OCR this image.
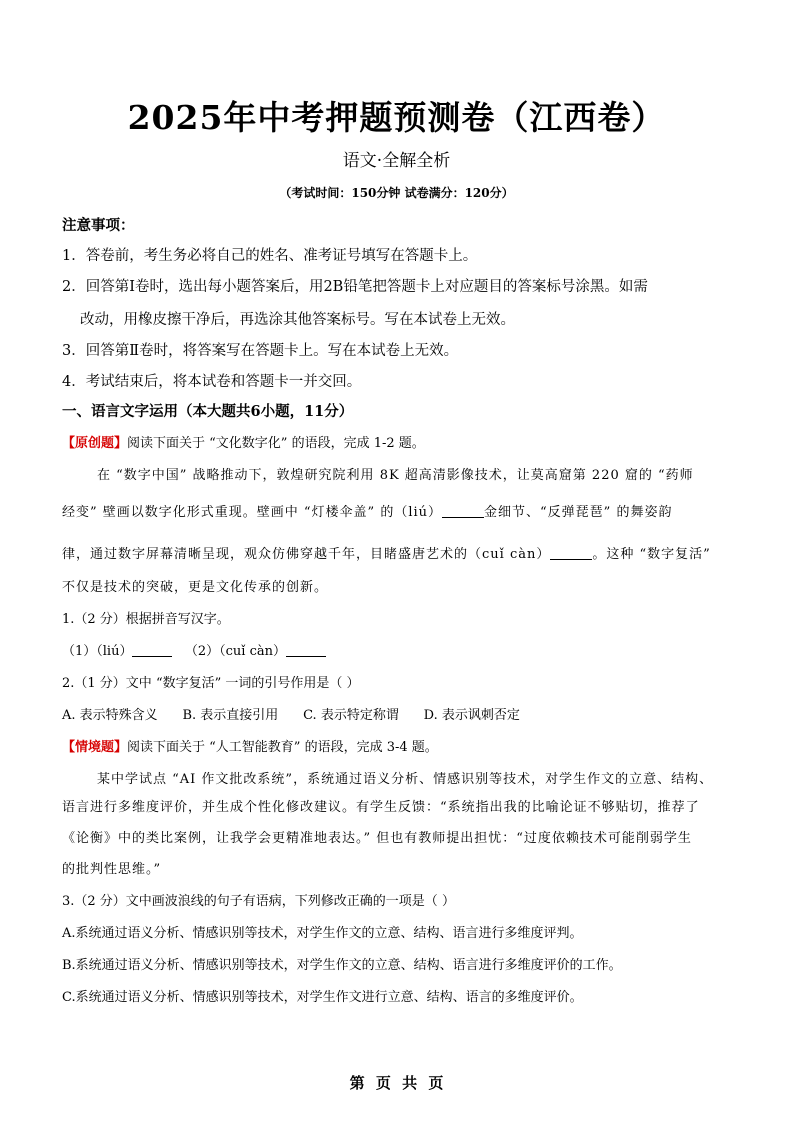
2025年中考押题预测卷（江西卷）
语文·全解全析
（考试时间：150分钟 试卷满分：120分）
注意事项：
1．答卷前，考生务必将自己的姓名、准考证号填写在答题卡上。
2．回答第Ⅰ卷时，选出每小题答案后，用2B铅笔把答题卡上对应题目的答案标号涂黑。如需
改动，用橡皮擦干净后，再选涂其他答案标号。写在本试卷上无效。
3．回答第Ⅱ卷时，将答案写在答题卡上。写在本试卷上无效。
4．考试结束后，将本试卷和答题卡一并交回。
一、语言文字运用（本大题共6小题，11分）
【原创题】阅读下面关于 “文化数字化” 的语段，完成 1-2 题。
在 “数字中国” 战略推动下，敦煌研究院利用 8K 超高清影像技术，让莫高窟第 220 窟的 “药师
经变” 壁画以数字化形式重现。壁画中 “灯楼伞盖” 的（liú）	金细节、“反弹琵琶” 的舞姿韵
律，通过数字屏幕清晰呈现，观众仿佛穿越千年，目睹盛唐艺术的（cuǐ càn）	。这种 “数字复活”
不仅是技术的突破，更是文化传承的创新。
1.（2 分）根据拼音写汉字。
（1）（liú）	（2）（cuǐ càn）
2.（1 分）文中 “数字复活” 一词的引号作用是（ ）
A. 表示特殊含义 B. 表示直接引用 C. 表示特定称谓 D. 表示讽刺否定
【情境题】阅读下面关于 “人工智能教育” 的语段，完成 3-4 题。
某中学试点 “AI 作文批改系统”，系统通过语义分析、情感识别等技术，对学生作文的立意、结构、
语言进行多维度评价，并生成个性化修改建议。有学生反馈：“系统指出我的比喻论证不够贴切，推荐了
《论衡》中的类比案例，让我学会更精准地表达。” 但也有教师提出担忧：“过度依赖技术可能削弱学生
的批判性思维。”
3.（2 分）文中画波浪线的句子有语病，下列修改正确的一项是（ ）
A.系统通过语义分析、情感识别等技术，对学生作文的立意、结构、语言进行多维度评判。
B.系统通过语义分析、情感识别等技术，对学生作文的立意、结构、语言进行多维度评价的工作。
C.系统通过语义分析、情感识别等技术，对学生作文进行立意、结构、语言的多维度评价。
第 页 共 页
